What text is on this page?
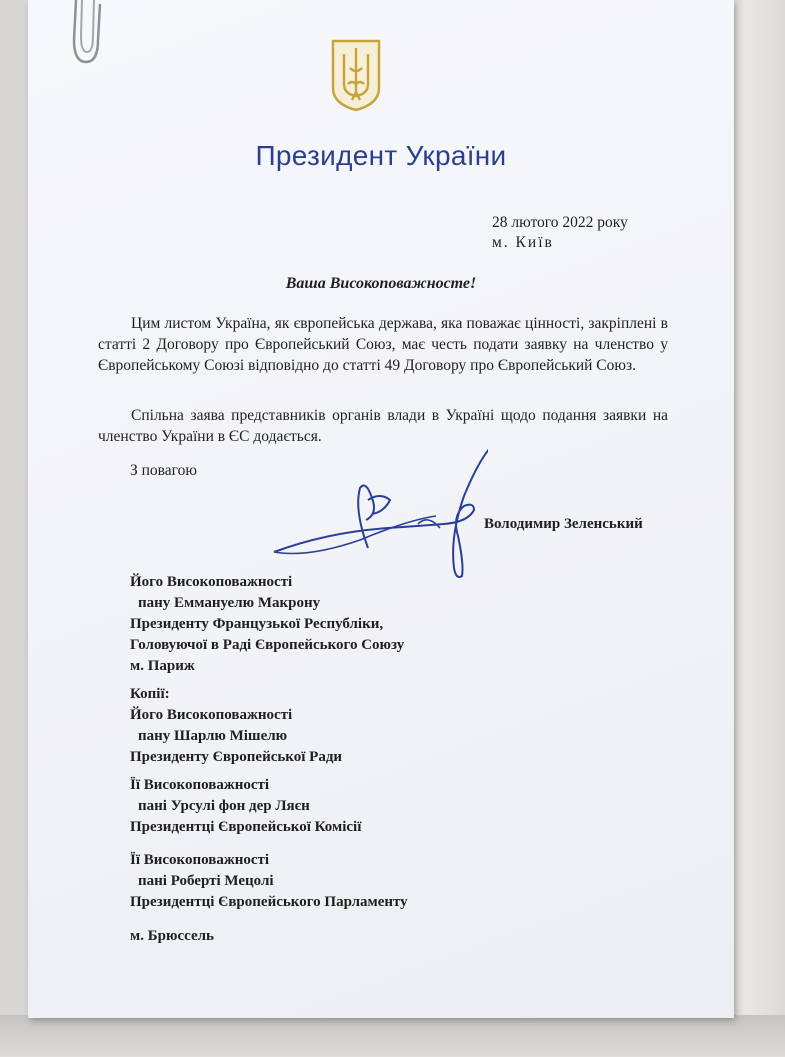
Президент України
28 лютого 2022 року
м. Київ
Ваша Високоповажносте!
Цим листом Україна, як європейська держава, яка поважає цінності, закріплені в статті 2 Договору про Європейський Союз, має честь подати заявку на членство у Європейському Союзі відповідно до статті 49 Договору про Європейський Союз.
Спільна заява представників органів влади в Україні щодо подання заявки на членство України в ЄС додається.
З повагою
Володимир Зеленський
Його Високоповажності
пану Еммануелю Макрону
Президенту Французької Республіки,
Головуючої в Раді Європейського Союзу
м. Париж
Копії:
Його Високоповажності
пану Шарлю Мішелю
Президенту Європейської Ради
Її Високоповажності
пані Урсулі фон дер Ляєн
Президентці Європейської Комісії
Її Високоповажності
пані Роберті Мецолі
Президентці Європейського Парламенту
м. Брюссель
